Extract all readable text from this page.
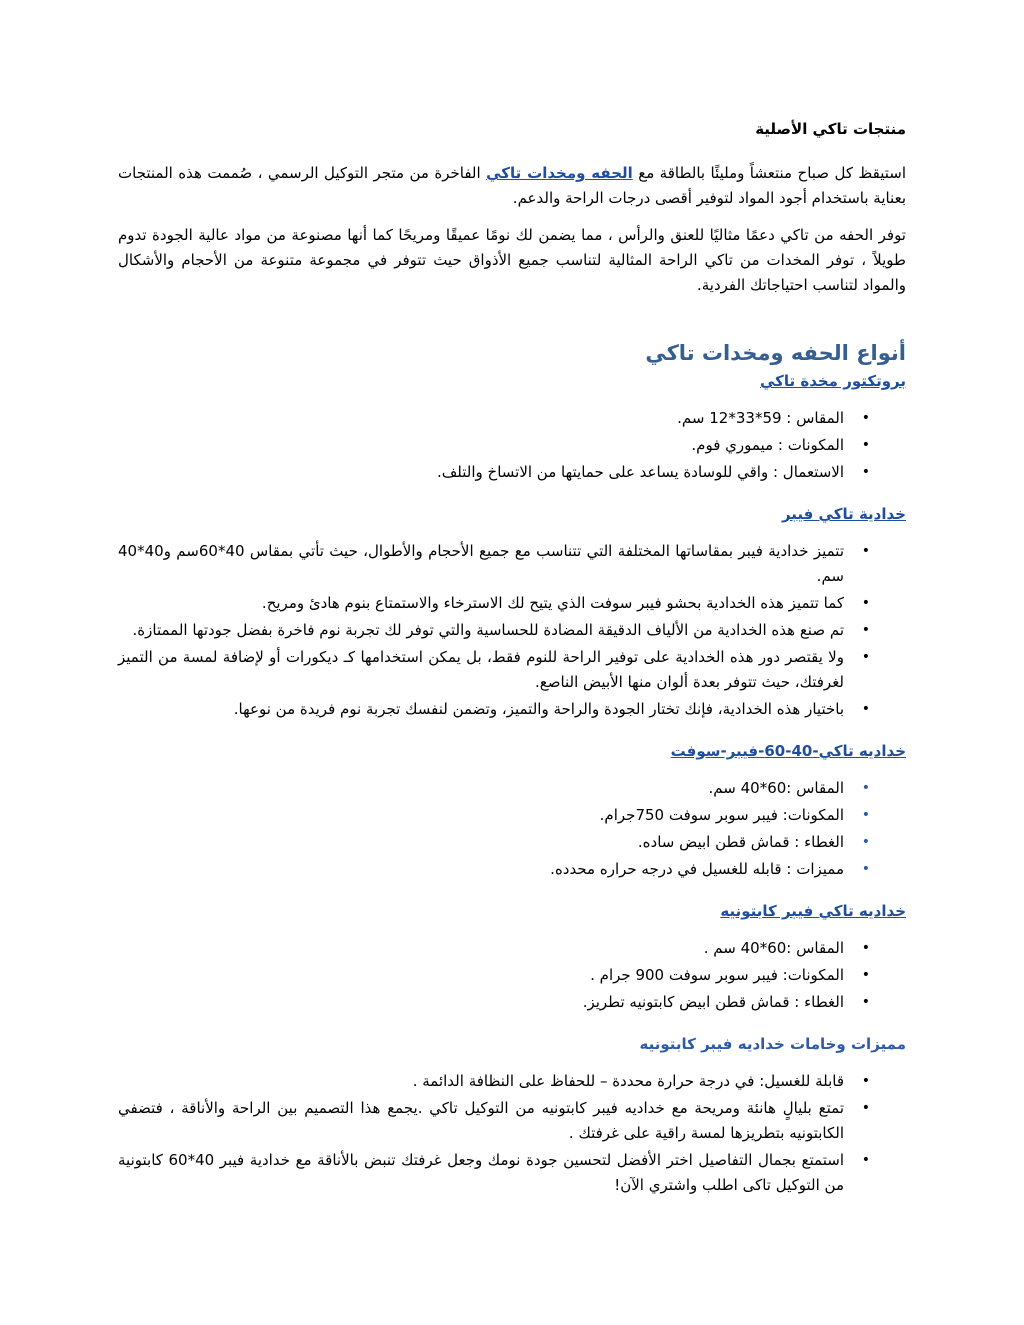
منتجات تاكي الأصلية

استيقظ كل صباح منتعشاً ومليئًا بالطاقة مع الحفه ومخدات تاكي الفاخرة من متجر التوكيل الرسمي ، صُممت هذه المنتجات بعناية باستخدام أجود المواد لتوفير أقصى درجات الراحة والدعم.

توفر الحفه من تاكي دعمًا مثاليًا للعنق والرأس ، مما يضمن لك نومًا عميقًا ومريحًا كما أنها مصنوعة من مواد عالية الجودة تدوم طويلاً ، توفر المخدات من تاكي الراحة المثالية لتناسب جميع الأذواق حيث تتوفر في مجموعة متنوعة من الأحجام والأشكال والمواد لتناسب احتياجاتك الفردية.

أنواع الحفه ومخدات تاكي
بروتكتور مخدة تاكي
• المقاس : 59*33*12 سم.
• المكونات : ميموري فوم.
• الاستعمال : واقي للوسادة يساعد على حمايتها من الاتساخ والتلف.
خدادية تاكي فيبر
• تتميز خدادية فيبر بمقاساتها المختلفة التي تتناسب مع جميع الأحجام والأطوال، حيث تأتي بمقاس 40*60سم و40*40 سم.
• كما تتميز هذه الخدادية بحشو فيبر سوفت الذي يتيح لك الاسترخاء والاستمتاع بنوم هادئ ومريح.
• تم صنع هذه الخدادية من الألياف الدقيقة المضادة للحساسية والتي توفر لك تجربة نوم فاخرة بفضل جودتها الممتازة.
• ولا يقتصر دور هذه الخدادية على توفير الراحة للنوم فقط، بل يمكن استخدامها كـ ديكورات أو لإضافة لمسة من التميز لغرفتك، حيث تتوفر بعدة ألوان منها الأبيض الناصع.
• باختيار هذه الخدادية، فإنك تختار الجودة والراحة والتميز، وتضمن لنفسك تجربة نوم فريدة من نوعها.
خداديه تاكي-40-60-فيبر-سوفت
• المقاس :60*40 سم.
• المكونات: فيبر سوبر سوفت 750جرام.
• الغطاء : قماش قطن ابيض ساده.
• مميزات : قابله للغسيل في درجه حراره محدده.
خداديه تاكي فيبر كابتونيه
• المقاس :60*40 سم .
• المكونات: فيبر سوبر سوفت 900 جرام .
• الغطاء : قماش قطن ابيض كابتونيه تطريز.
مميزات وخامات خداديه فيبر كابتونيه
• قابلة للغسيل: في درجة حرارة محددة – للحفاظ على النظافة الدائمة .
• تمتع بليالٍ هانئة ومريحة مع خداديه فيبر كابتونيه من التوكيل تاكي .يجمع هذا التصميم بين الراحة والأناقة ، فتضفي الكابتونيه بتطريزها لمسة راقية على غرفتك .
• استمتع بجمال التفاصيل اختر الأفضل لتحسين جودة نومك وجعل غرفتك تنبض بالأناقة مع خدادية فيبر 40*60 كابتونية من التوكيل تاكى اطلب واشتري الآن!
